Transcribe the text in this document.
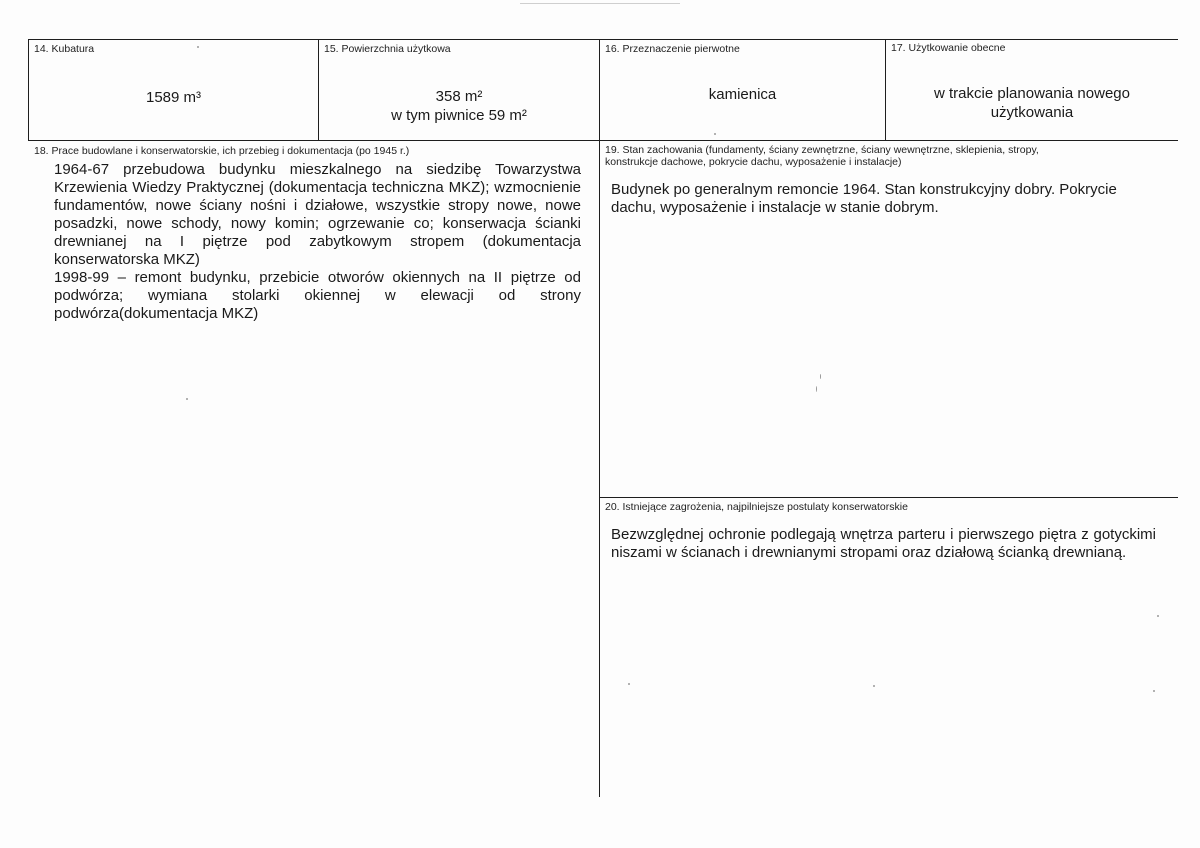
14. Kubatura
1589 m³
15. Powierzchnia użytkowa
358 m²
w tym piwnice 59 m²
16. Przeznaczenie pierwotne
kamienica
17. Użytkowanie obecne
w trakcie planowania nowego
użytkowania
18. Prace budowlane i konserwatorskie, ich przebieg i dokumentacja (po 1945 r.)

1964-67 przebudowa budynku mieszkalnego na siedzibę Towarzystwa Krzewienia Wiedzy Praktycznej (dokumentacja techniczna MKZ); wzmocnienie fundamentów, nowe ściany nośni i działowe, wszystkie stropy nowe, nowe posadzki, nowe schody, nowy komin; ogrzewanie co; konserwacja ścianki drewnianej na I piętrze pod zabytkowym stropem (dokumentacja konserwatorska MKZ)

1998-99 – remont budynku, przebicie otworów okiennych na II piętrze od podwórza; wymiana stolarki okiennej w elewacji od strony podwórza(dokumentacja MKZ)

19. Stan zachowania (fundamenty, ściany zewnętrzne, ściany wewnętrzne, sklepienia, stropy,
konstrukcje dachowe, pokrycie dachu, wyposażenie i instalacje)

Budynek po generalnym remoncie 1964. Stan konstrukcyjny dobry. Pokrycie dachu, wyposażenie i instalacje w stanie dobrym.

20. Istniejące zagrożenia, najpilniejsze postulaty konserwatorskie

Bezwzględnej ochronie podlegają wnętrza parteru i pierwszego piętra z gotyckimi niszami w ścianach i drewnianymi stropami oraz działową ścianką drewnianą.
